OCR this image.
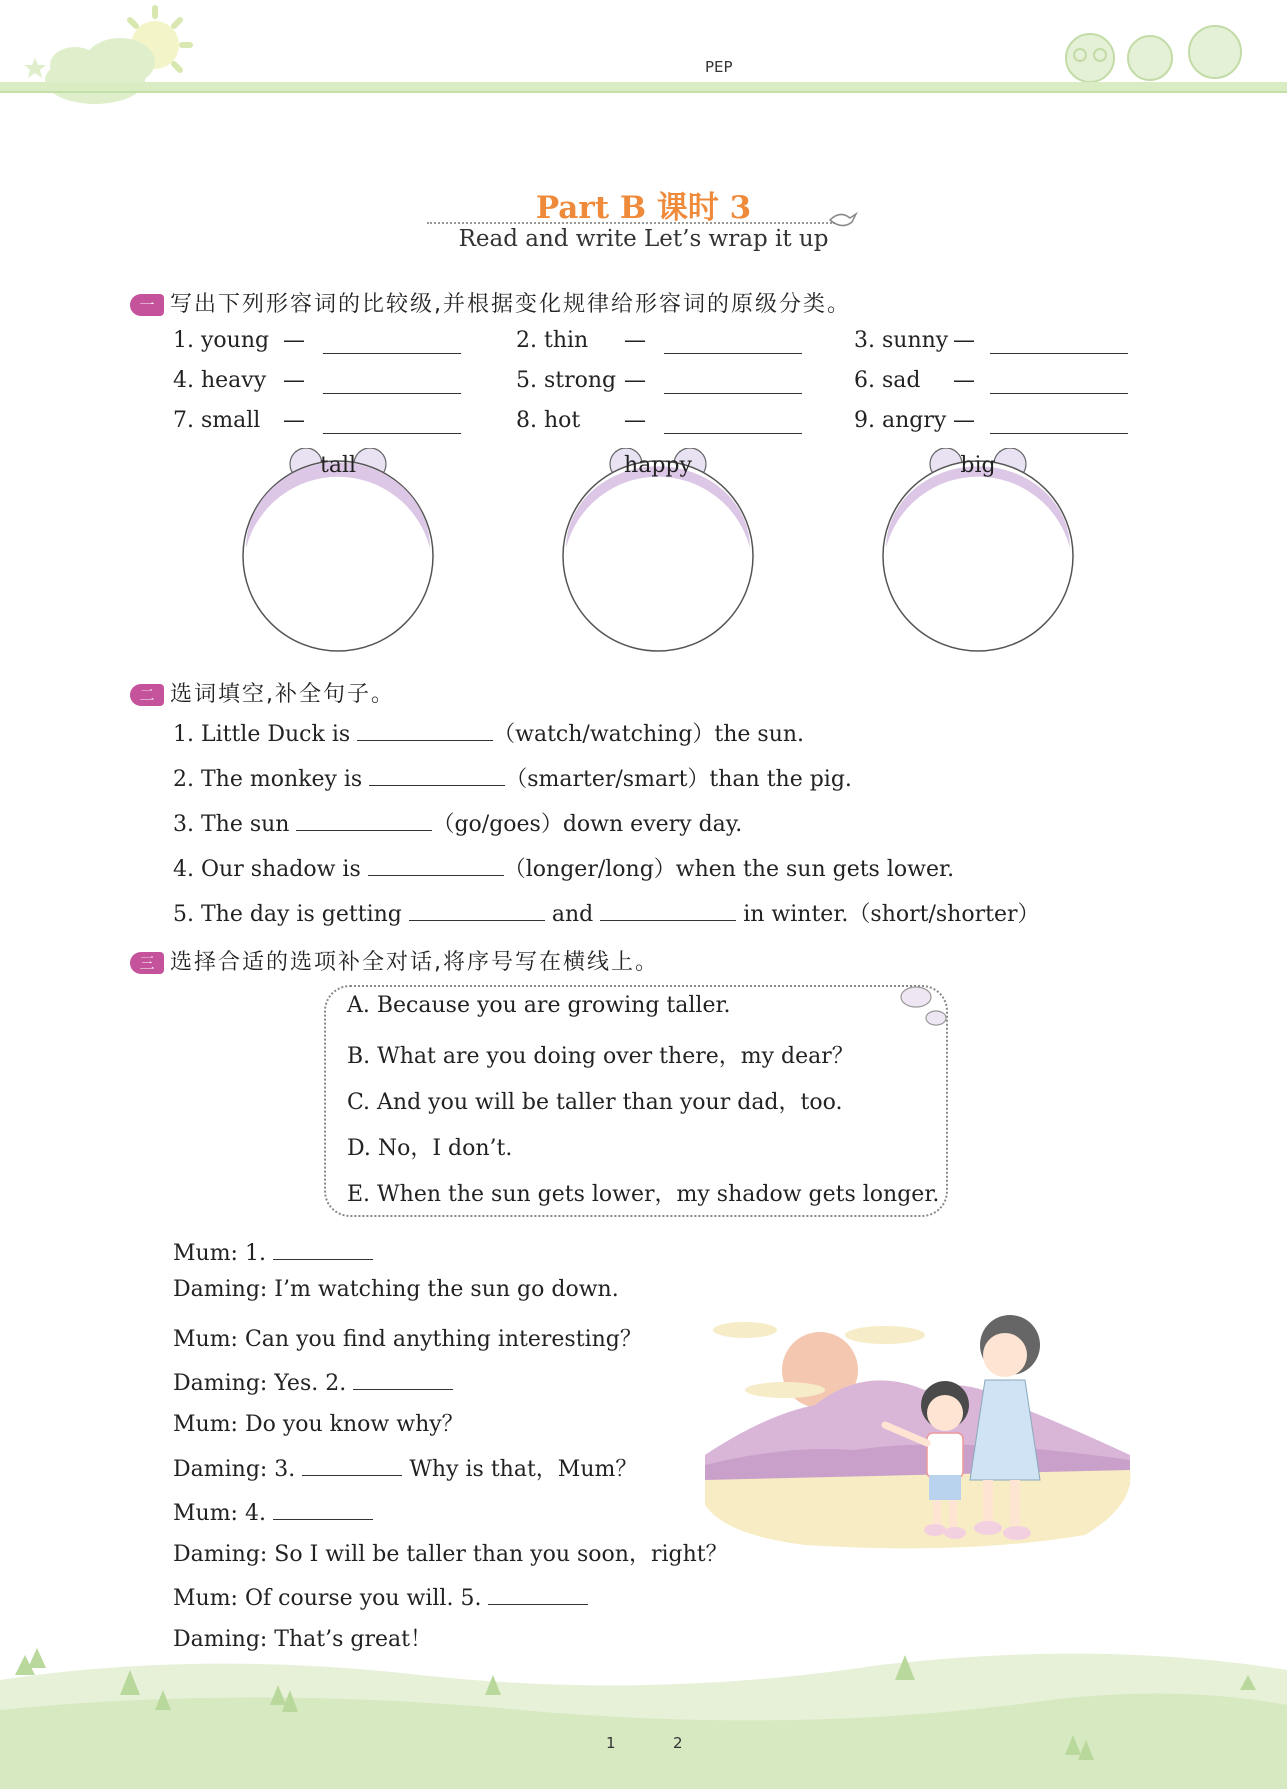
PEP
Part B 课时 3
Read and write Let’s wrap it up
一 写出下列形容词的比较级,并根据变化规律给形容词的原级分类。
1. young —	2. thin —	3. sunny —
4. heavy —	5. strong —	6. sad —
7. small —	8. hot —	9. angry —
tall	happy	big
二 选词填空,补全句子。
1. Little Duck is	（watch/watching）the sun.
2. The monkey is	（smarter/smart）than the pig.
3. The sun	（go/goes）down every day.
4. Our shadow is	（longer/long）when the sun gets lower.
5. The day is getting	and	in winter.（short/shorter）
三 选择合适的选项补全对话,将序号写在横线上。
A. Because you are growing taller.
B. What are you doing over there，my dear？
C. And you will be taller than your dad，too.
D. No，I don’t.
E. When the sun gets lower，my shadow gets longer.
Mum: 1.
Daming: I’m watching the sun go down.
Mum: Can you find anything interesting？
Daming: Yes. 2.
Mum: Do you know why？
Daming: 3.	Why is that，Mum？
Mum: 4.
Daming: So I will be taller than you soon，right？
Mum: Of course you will. 5.
Daming: That’s great！
1	2
